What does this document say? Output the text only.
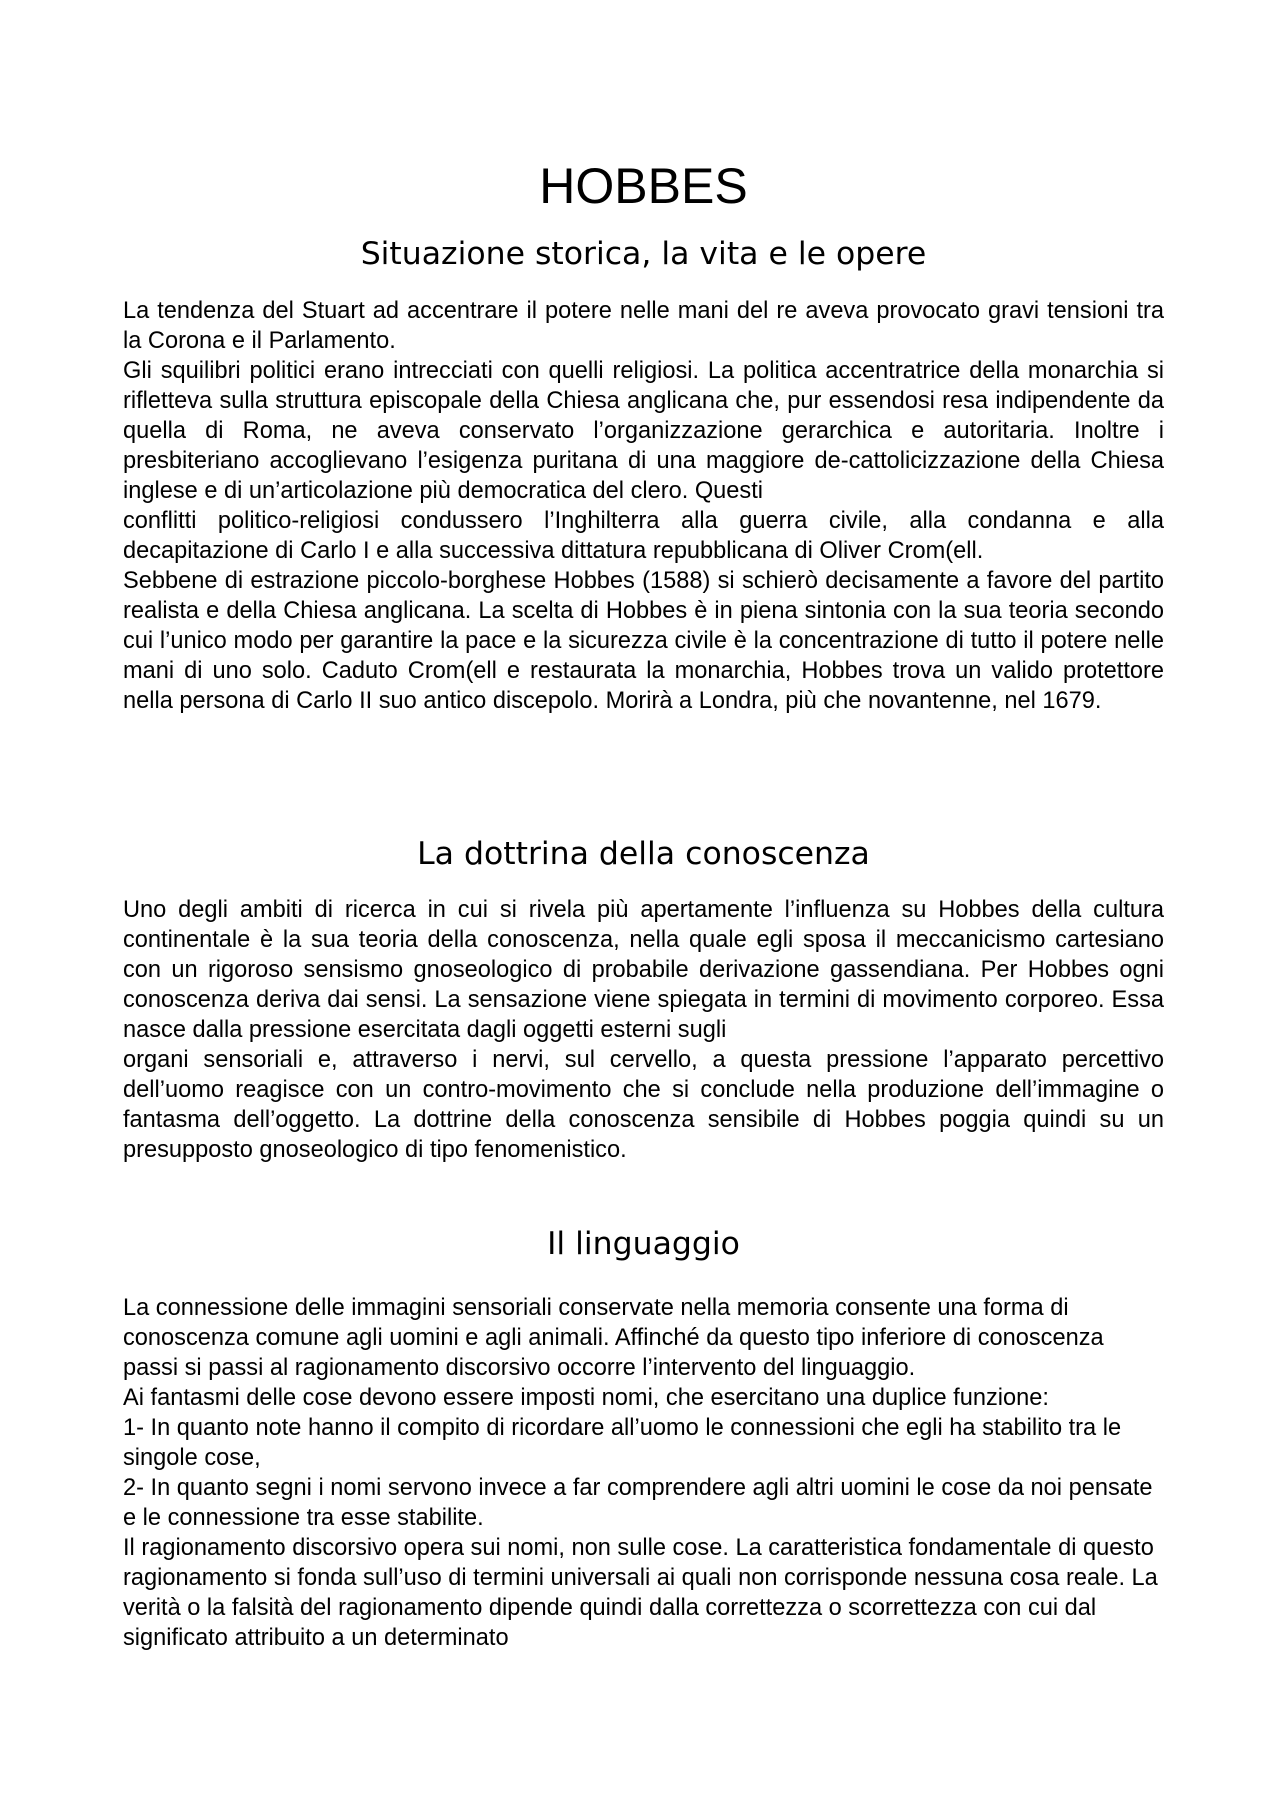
HOBBES
Situazione storica, la vita e le opere

La tendenza del Stuart ad accentrare il potere nelle mani del re aveva provocato gravi tensioni tra la Corona e il Parlamento.

Gli squilibri politici erano intrecciati con quelli religiosi. La politica accentratrice della monarchia si rifletteva sulla struttura episcopale della Chiesa anglicana che, pur essendosi resa indipendente da quella di Roma, ne aveva conservato l’organizzazione gerarchica e autoritaria. Inoltre i presbiteriano accoglievano l’esigenza puritana di una maggiore de-cattolicizzazione della Chiesa inglese e di un’articolazione più democratica del clero. Questi

conflitti politico-religiosi condussero l’Inghilterra alla guerra civile, alla condanna e alla decapitazione di Carlo I e alla successiva dittatura repubblicana di Oliver Crom(ell.

Sebbene di estrazione piccolo-borghese Hobbes (1588) si schierò decisamente a favore del partito realista e della Chiesa anglicana. La scelta di Hobbes è in piena sintonia con la sua teoria secondo cui l’unico modo per garantire la pace e la sicurezza civile è la concentrazione di tutto il potere nelle mani di uno solo. Caduto Crom(ell e restaurata la monarchia, Hobbes trova un valido protettore nella persona di Carlo II suo antico discepolo. Morirà a Londra, più che novantenne, nel 1679.

La dottrina della conoscenza

Uno degli ambiti di ricerca in cui si rivela più apertamente l’influenza su Hobbes della cultura continentale è la sua teoria della conoscenza, nella quale egli sposa il meccanicismo cartesiano con un rigoroso sensismo gnoseologico di probabile derivazione gassendiana. Per Hobbes ogni conoscenza deriva dai sensi. La sensazione viene spiegata in termini di movimento corporeo. Essa nasce dalla pressione esercitata dagli oggetti esterni sugli

organi sensoriali e, attraverso i nervi, sul cervello, a questa pressione l’apparato percettivo dell’uomo reagisce con un contro-movimento che si conclude nella produzione dell’immagine o fantasma dell’oggetto. La dottrine della conoscenza sensibile di Hobbes poggia quindi su un presupposto gnoseologico di tipo fenomenistico.

Il linguaggio

La connessione delle immagini sensoriali conservate nella memoria consente una forma di conoscenza comune agli uomini e agli animali. Affinché da questo tipo inferiore di conoscenza passi si passi al ragionamento discorsivo occorre l’intervento del linguaggio.

Ai fantasmi delle cose devono essere imposti nomi, che esercitano una duplice funzione:

1- In quanto note hanno il compito di ricordare all’uomo le connessioni che egli ha stabilito tra le singole cose,

2- In quanto segni i nomi servono invece a far comprendere agli altri uomini le cose da noi pensate e le connessione tra esse stabilite.

Il ragionamento discorsivo opera sui nomi, non sulle cose. La caratteristica fondamentale di questo ragionamento si fonda sull’uso di termini universali ai quali non corrisponde nessuna cosa reale. La verità o la falsità del ragionamento dipende quindi dalla correttezza o scorrettezza con cui dal significato attribuito a un determinato
